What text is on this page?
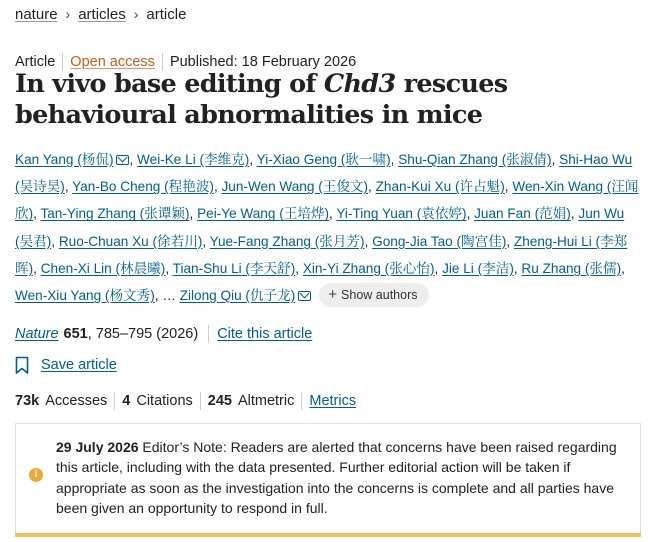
nature › articles › article
Article Open access Published: 18 February 2026
In vivo base editing of Chd3 rescues behavioural abnormalities in mice
Kan Yang (杨侃) , Wei-Ke Li (李维克), Yi-Xiao Geng (耿一啸), Shu-Qian Zhang (张淑倩), Shi-Hao Wu (吴诗昊), Yan-Bo Cheng (程艳波), Jun-Wen Wang (王俊文), Zhan-Kui Xu (许占魁), Wen-Xin Wang (汪闻欣), Tan-Ying Zhang (张谭颖), Pei-Ye Wang (王培烨), Yi-Ting Yuan (袁依婷), Juan Fan (范娟), Jun Wu (吴君), Ruo-Chuan Xu (徐若川), Yue-Fang Zhang (张月芳), Gong-Jia Tao (陶宫佳), Zheng-Hui Li (李郑晖), Chen-Xi Lin (林晨曦), Tian-Shu Li (李天舒), Xin-Yi Zhang (张心怡), Jie Li (李洁), Ru Zhang (张儒), Wen-Xiu Yang (杨文秀), … Zilong Qiu (仇子龙) + Show authors
Nature 651 , 785–795 (2026) Cite this article
Save article
73k Accesses 4 Citations 245 Altmetric Metrics
i

29 July 2026 Editor’s Note: Readers are alerted that concerns have been raised regarding this article, including with the data presented. Further editorial action will be taken if appropriate as soon as the investigation into the concerns is complete and all parties have been given an opportunity to respond in full.
